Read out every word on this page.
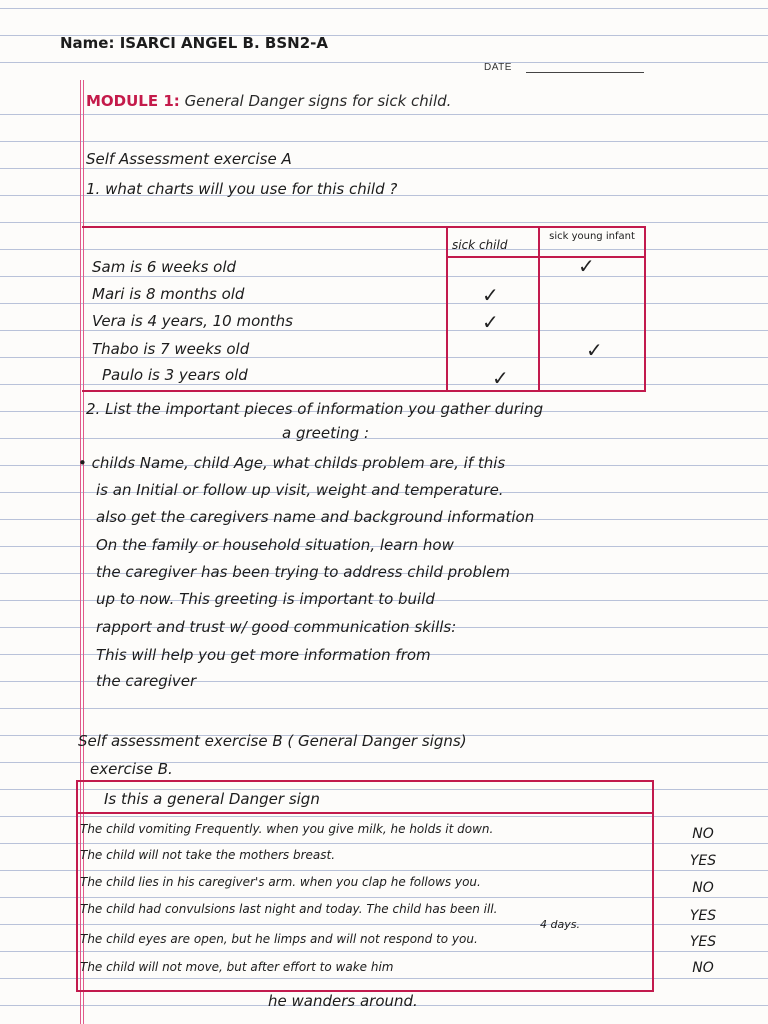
Name: ISARCI ANGEL B. BSN2-A
DATE
MODULE 1: General Danger signs for sick child.
Self Assessment exercise A
1. what charts will you use for this child ?
sick child
sick young infant
Sam is 6 weeks old
Mari is 8 months old
Vera is 4 years, 10 months
Thabo is 7 weeks old
Paulo is 3 years old
✓
✓
✓
✓
✓
2. List the important pieces of information you gather during
a greeting :
• childs Name, child Age, what childs problem are, if this
is an Initial or follow up visit, weight and temperature.
also get the caregivers name and background information
On the family or household situation, learn how
the caregiver has been trying to address child problem
up to now. This greeting is important to build
rapport and trust w/ good communication skills:
This will help you get more information from
the caregiver
Self assessment exercise B ( General Danger signs)
exercise B.
Is this a general Danger sign
The child vomiting Frequently. when you give milk, he holds it down.
The child will not take the mothers breast.
The child lies in his caregiver's arm. when you clap he follows you.
The child had convulsions last night and today. The child has been ill.
4 days.
The child eyes are open, but he limps and will not respond to you.
The child will not move, but after effort to wake him
NO
YES
NO
YES
YES
NO
he wanders around.
